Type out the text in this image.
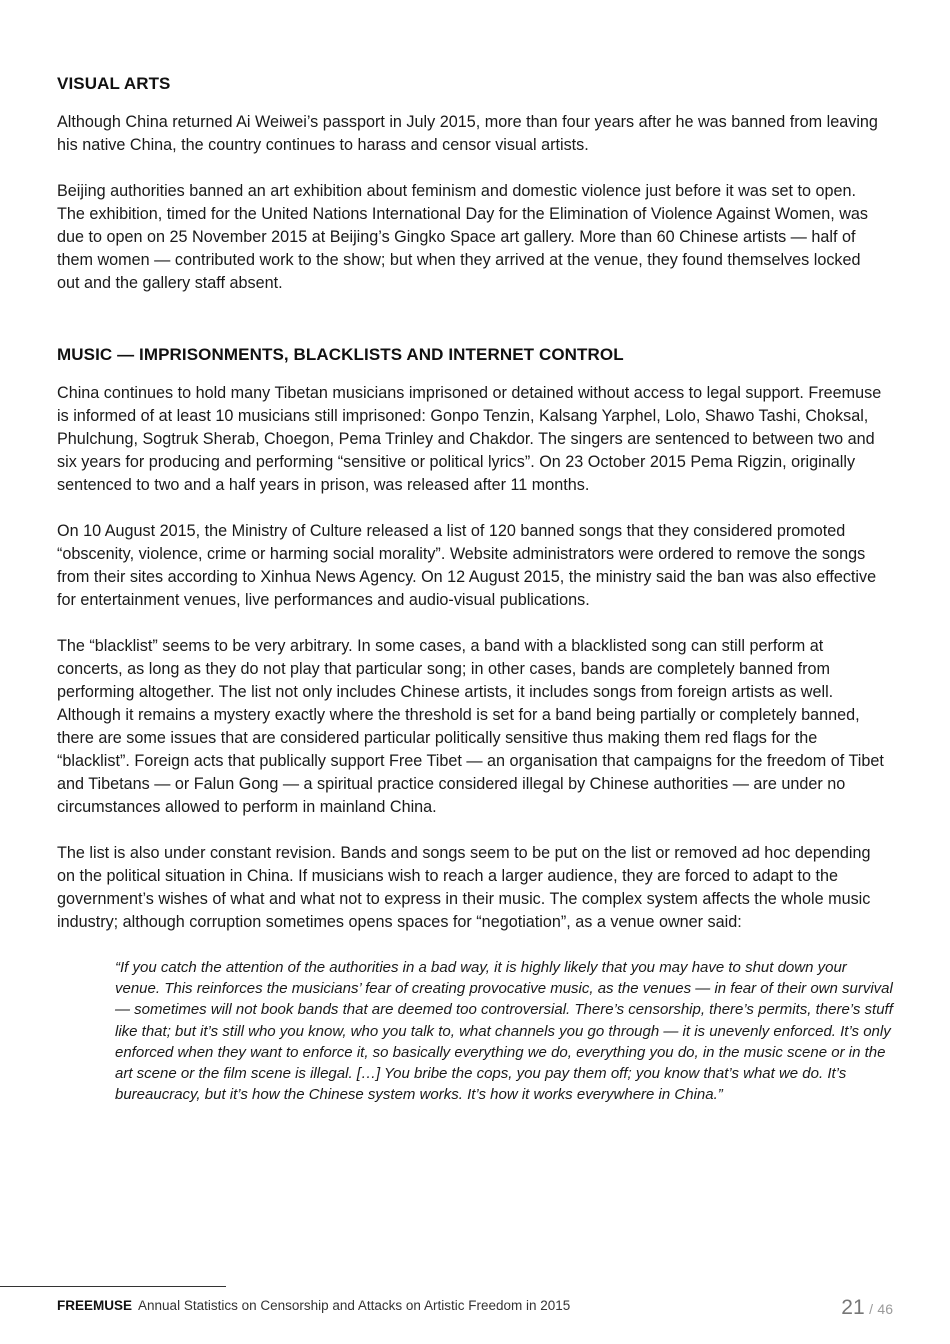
VISUAL ARTS

Although China returned Ai Weiwei’s passport in July 2015, more than four years after he was banned from leaving his native China, the country continues to harass and censor visual artists.

Beijing authorities banned an art exhibition about feminism and domestic violence just before it was set to open. The exhibition, timed for the United Nations International Day for the Elimination of Violence Against Women, was due to open on 25 November 2015 at Beijing’s Gingko Space art gallery. More than 60 Chinese artists — half of them women — contributed work to the show; but when they arrived at the venue, they found themselves locked out and the gallery staff absent.

MUSIC — IMPRISONMENTS, BLACKLISTS AND INTERNET CONTROL

China continues to hold many Tibetan musicians imprisoned or detained without access to legal support. Freemuse is informed of at least 10 musicians still imprisoned: Gonpo Tenzin, Kalsang Yarphel, Lolo, Shawo Tashi, Choksal, Phulchung, Sogtruk Sherab, Choegon, Pema Trinley and Chakdor. The singers are sentenced to between two and six years for producing and performing “sensitive or political lyrics”. On 23 October 2015 Pema Rigzin, originally sentenced to two and a half years in prison, was released after 11 months.

On 10 August 2015, the Ministry of Culture released a list of 120 banned songs that they considered promoted “obscenity, violence, crime or harming social morality”. Website administrators were ordered to remove the songs from their sites according to Xinhua News Agency. On 12 August 2015, the ministry said the ban was also effective for entertainment venues, live performances and audio-visual publications.

The “blacklist” seems to be very arbitrary. In some cases, a band with a blacklisted song can still perform at concerts, as long as they do not play that particular song; in other cases, bands are completely banned from performing altogether. The list not only includes Chinese artists, it includes songs from foreign artists as well. Although it remains a mystery exactly where the threshold is set for a band being partially or completely banned, there are some issues that are considered particular politically sensitive thus making them red flags for the “blacklist”. Foreign acts that publically support Free Tibet — an organisation that campaigns for the freedom of Tibet and Tibetans — or Falun Gong — a spiritual practice considered illegal by Chinese authorities — are under no circumstances allowed to perform in mainland China.

The list is also under constant revision. Bands and songs seem to be put on the list or removed ad hoc depending on the political situation in China. If musicians wish to reach a larger audience, they are forced to adapt to the government’s wishes of what and what not to express in their music. The complex system affects the whole music industry; although corruption sometimes opens spaces for “negotiation”, as a venue owner said:

“If you catch the attention of the authorities in a bad way, it is highly likely that you may have to shut down your venue. This reinforces the musicians’ fear of creating provocative music, as the venues — in fear of their own survival — sometimes will not book bands that are deemed too controversial. There’s censorship, there’s permits, there’s stuff like that; but it’s still who you know, who you talk to, what channels you go through — it is unevenly enforced. It’s only enforced when they want to enforce it, so basically everything we do, everything you do, in the music scene or in the art scene or the film scene is illegal. […] You bribe the cops, you pay them off; you know that’s what we do. It’s bureaucracy, but it’s how the Chinese system works. It’s how it works everywhere in China.”
FREEMUSE Annual Statistics on Censorship and Attacks on Artistic Freedom in 2015	21 / 46
